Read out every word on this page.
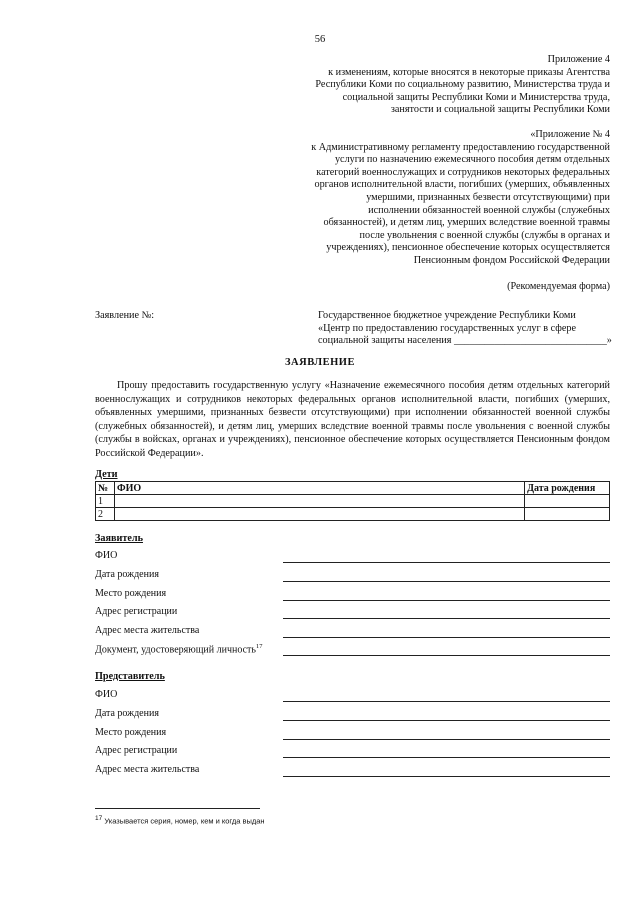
56
Приложение 4
к изменениям, которые вносятся в некоторые приказы Агентства
Республики Коми по социальному развитию, Министерства труда и
социальной защиты Республики Коми и Министерства труда,
занятости и социальной защиты Республики Коми
«Приложение № 4
к Административному регламенту предоставлению государственной
услуги по назначению ежемесячного пособия детям отдельных
категорий военнослужащих и сотрудников некоторых федеральных
органов исполнительной власти, погибших (умерших, объявленных
умершими, признанных безвести отсутствующими) при
исполнении обязанностей военной службы (служебных
обязанностей), и детям лиц, умерших вследствие военной травмы
после увольнения с военной службы (службы в органах и
учреждениях), пенсионное обеспечение которых осуществляется
Пенсионным фондом Российской Федерации
(Рекомендуемая форма)
Заявление №:	Государственное бюджетное учреждение Республики Коми
«Центр по предоставлению государственных услуг в сфере
социальной защиты населения ______________________________»
ЗАЯВЛЕНИЕ
Прошу предоставить государственную услугу «Назначение ежемесячного пособия детям отдельных категорий военнослужащих и сотрудников некоторых федеральных органов исполнительной власти, погибших (умерших, объявленных умершими, признанных безвести отсутствующими) при исполнении обязанностей военной службы (служебных обязанностей), и детям лиц, умерших вследствие военной травмы после увольнения с военной службы (службы в войсках, органах и учреждениях), пенсионное обеспечение которых осуществляется Пенсионным фондом Российской Федерации».
Дети
№	ФИО	Дата рождения
1		
2		
Заявитель
ФИО
Дата рождения
Место рождения
Адрес регистрации
Адрес места жительства
Документ, удостоверяющий личность$^{17}$
Представитель
ФИО
Дата рождения
Место рождения
Адрес регистрации
Адрес места жительства
$^{17}$ Указывается серия, номер, кем и когда выдан
